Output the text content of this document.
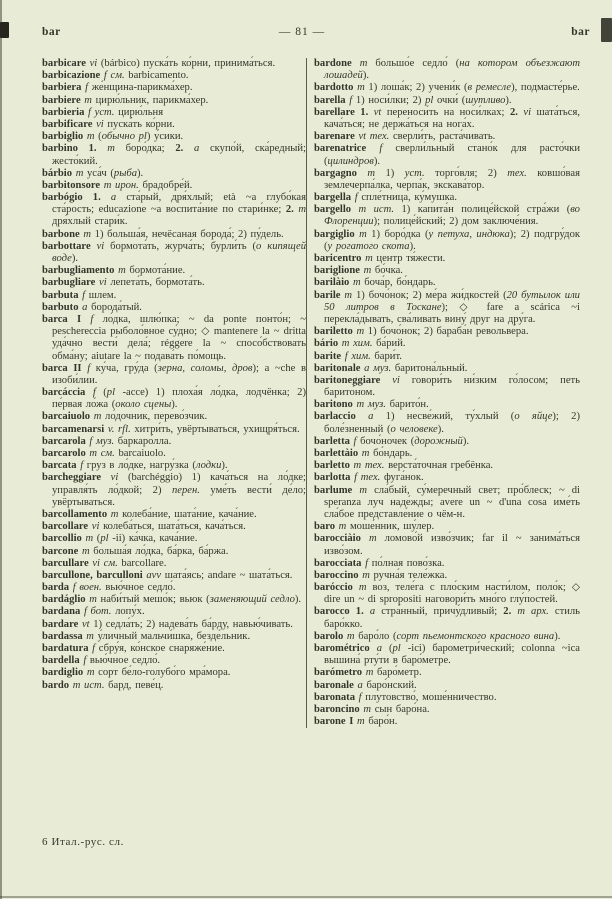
bar	— 81 —	bar
barbicare vi (bárbico) пуска́ть ко́рни, принима́ться.
barbicazione f см. barbicamento.
barbiera f же́нщина-парикма́хер.
barbiere m цирю́льник, парикма́хер.
barbieria f уст. цирю́льня
barbificare vi пуска́ть ко́рни.
barbiglio m (обычно pl) у́сики.
barbino 1. m боро́дка; 2. a скупо́й, ска́редный; жесто́кий.
bárbio m уса́ч (рыба).
barbitonsore m ирон. брадобре́й.
barbógio 1. a ста́рый, дря́хлый; età ~a глубо́кая ста́рость; educazione ~a воспита́ние по стари́нке; 2. m дря́хлый стари́к.
barbone m 1) больша́я, нечёсаная борода́; 2) пу́дель.
barbottare vi бормота́ть, журча́ть; бурли́ть (о кипящей воде).
barbugliamento m бормота́ние.
barbugliare vi лепета́ть, бормота́ть.
barbuta f шлем.
barbuto a борода́тый.
barca I f ло́дка, шлю́пка; ~ da ponte понто́н; ~ peschereccia рыболо́вное су́дно; ◇ mantenere la ~ dritta уда́чно вести́ дела́; réggere la ~ спосо́бствовать обма́ну; aiutare la ~ подава́ть по́мощь.
barca II f ку́ча, гру́да (зерна, соломы, дров); a ~che в изоби́лии.
barcáccia f (pl -acce) 1) плоха́я ло́дка, лодчёнка; 2) пе́рвая ло́жа (около сцены).
barcaiuolo m ло́дочник, перево́зчик.
barcamenarsi v. rfl. хитри́ть, увёртываться, ухищря́ться.
barcarola f муз. баркаро́лла.
barcarolo m см. barcaiuolo.
barcata f груз в ло́дке, нагру́зка (лодки).
barcheggiare vi (barchéggio) 1) кача́ться на ло́дке; управля́ть ло́дкой; 2) перен. уме́ть вести́ де́ло; увёртываться.
barcollamento m колеба́ние, шата́ние, кача́ние.
barcollare vi колеба́ться, шата́ться, кача́ться.
barcollio m (pl -ii) ка́чка, кача́ние.
barcone m больша́я ло́дка, ба́рка, ба́ржа.
barcullare vi см. barcollare.
barcullone, barculloni avv шата́ясь; andare ~ шата́ться.
barda f воен. вью́чное седло́.
bardáglio m наби́тый мешо́к; вьюк (заменяющий седло).
bardana f бот. лопу́х.
bardare vt 1) седла́ть; 2) надева́ть ба́рду, навью́чивать.
bardassa m у́личный мальчи́шка, безде́льник.
bardatura f сбру́я, ко́нское снаряже́ние.
bardella f вью́чное седло́.
bardiglio m сорт бе́ло-голубо́го мра́мора.
bardo m ист. бард, певе́ц.
bardone m большо́е седло́ (на котором объезжают лошадей).
bardotto m 1) лоша́к; 2) учени́к (в ремесле), подмасте́рье.
barella f 1) носи́лки; 2) pl очки́ (шутливо).
barellare 1. vt переноси́ть на носи́лках; 2. vi шата́ться, кача́ться; не держа́ться на нога́х.
barenare vt тех. сверли́ть, раста́чивать.
barenatrice f сверли́льный стано́к для расто́чки (цилиндров).
bargagno m 1) уст. торго́вля; 2) тех. ковшо́вая землечерпа́лка, черпа́к, экскава́тор.
bargella f спле́тница, ку́мушка.
bargello m ист. 1) капита́н полице́йской стра́жи (во Флоренции); полице́йский; 2) дом заключе́ния.
bargiglio m 1) боро́дка (у петуха, индюка); 2) подгру́док (у рогатого скота).
baricentro m центр тя́жести.
bariglione m бо́чка.
barilàio m боча́р, бо́ндарь.
barile m 1) бочо́нок; 2) ме́ра жи́дкостей (20 бутылок или 50 литров в Тоскане); ◇ fare a scárica ~i перекла́дывать, сва́ливать вину́ друг на дру́га.
bariletto m 1) бочо́нок; 2) бараба́н револьве́ра.
bário m хим. ба́рий.
barite f хим. бари́т.
baritonale a муз. баритона́льный.
baritoneggiare vi говори́ть ни́зким го́лосом; петь барито́ном.
baritono m муз. барито́н.
barlaccio a 1) несве́жий, ту́хлый (о яйце); 2) боле́зненный (о человеке).
barletta f бочо́ночек (дорожный).
barlettàio m бо́ндарь.
barletto m тех. верста́точная гребёнка.
barlotta f тех. фуга́нок.
barlume m сла́бый, су́меречный свет; про́блеск; ~ di speranza луч наде́жды; avere un ~ d'una cosa име́ть сла́бое представле́ние о чём-н.
baro m моше́нник, шу́лер.
barocciàio m ломово́й изво́зчик; far il ~ занима́ться изво́зом.
barocciata f по́лная пово́зка.
baroccino m ручна́я теле́жка.
baróccio m воз, теле́га с пло́ским насти́лом, поло́к; ◇ dire un ~ di spropositi наговори́ть мно́го глу́постей.
barocco 1. a стра́нный, причу́дливый; 2. m арх. стиль баро́кко.
barolo m баро́ло (сорт пьемонтского красного вина).
barométrico a (pl -ici) барометри́ческий; colonna ~ica вышина́ рту́ти в баро́метре.
barómetro m баро́метр.
baronale a баро́нский.
baronata f плутовство́, моше́нничество.
baroncino m сын баро́на.
barone I m баро́н.
6 Итал.-рус. сл.
